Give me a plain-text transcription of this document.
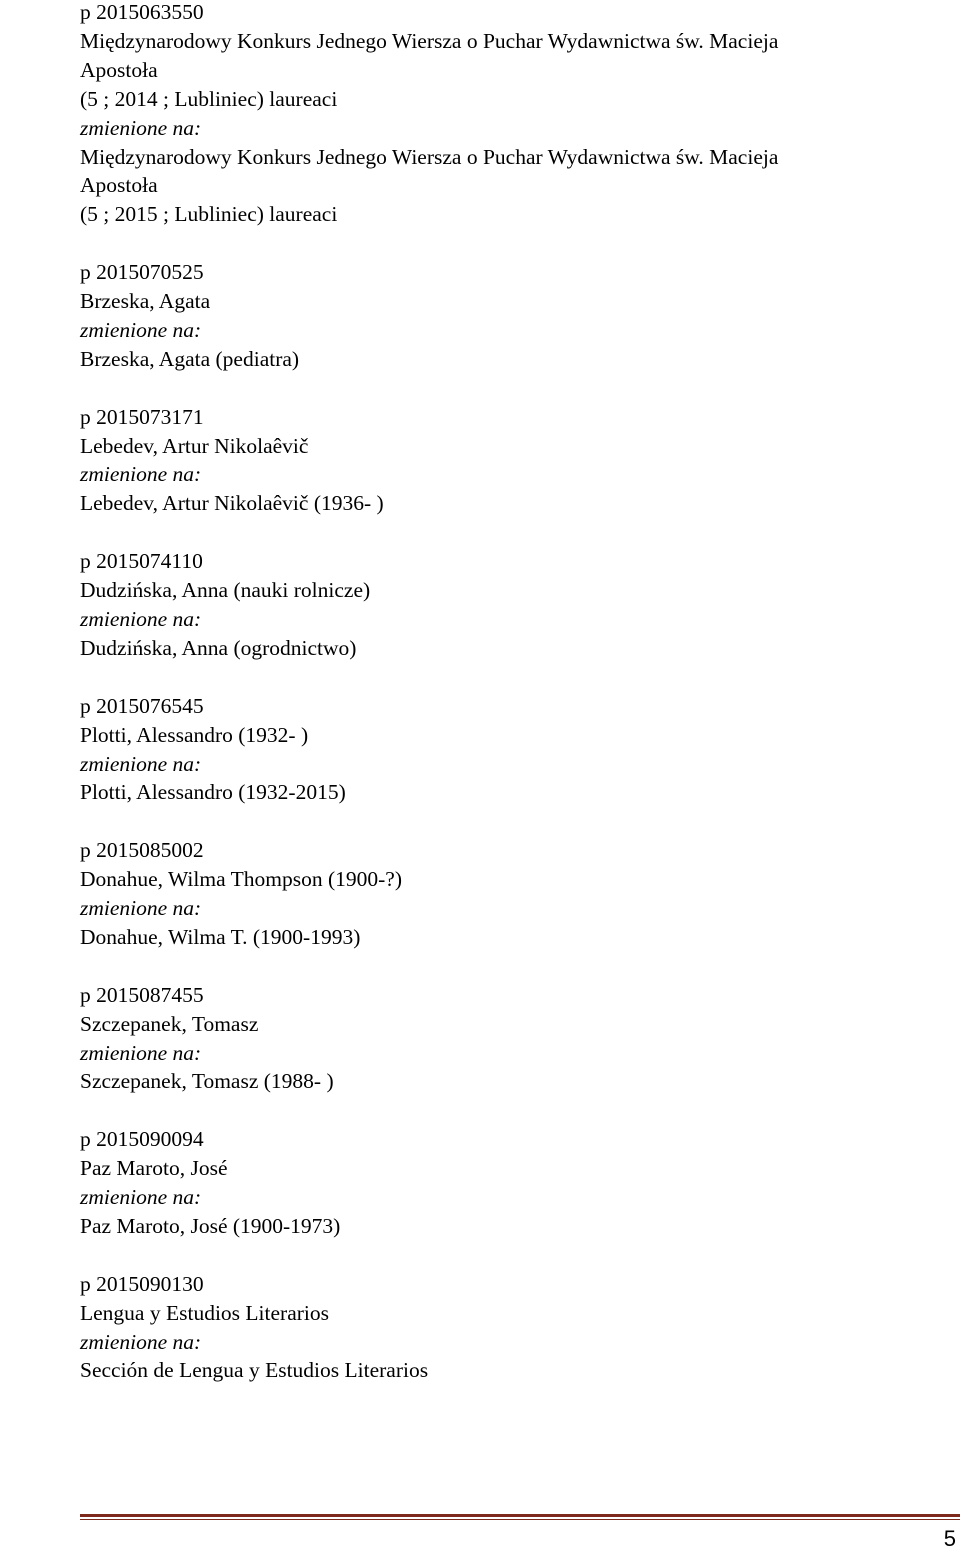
p 2015063550
Międzynarodowy Konkurs Jednego Wiersza o Puchar Wydawnictwa św. Macieja
Apostoła
(5 ; 2014 ; Lubliniec) laureaci
zmienione na:
Międzynarodowy Konkurs Jednego Wiersza o Puchar Wydawnictwa św. Macieja
Apostoła
(5 ; 2015 ; Lubliniec) laureaci
p 2015070525
Brzeska, Agata
zmienione na:
Brzeska, Agata (pediatra)
p 2015073171
Lebedev, Artur Nikolaêvič
zmienione na:
Lebedev, Artur Nikolaêvič (1936- )
p 2015074110
Dudzińska, Anna (nauki rolnicze)
zmienione na:
Dudzińska, Anna (ogrodnictwo)
p 2015076545
Plotti, Alessandro (1932- )
zmienione na:
Plotti, Alessandro (1932-2015)
p 2015085002
Donahue, Wilma Thompson (1900-?)
zmienione na:
Donahue, Wilma T. (1900-1993)
p 2015087455
Szczepanek, Tomasz
zmienione na:
Szczepanek, Tomasz (1988- )
p 2015090094
Paz Maroto, José
zmienione na:
Paz Maroto, José (1900-1973)
p 2015090130
Lengua y Estudios Literarios
zmienione na:
Sección de Lengua y Estudios Literarios
5
